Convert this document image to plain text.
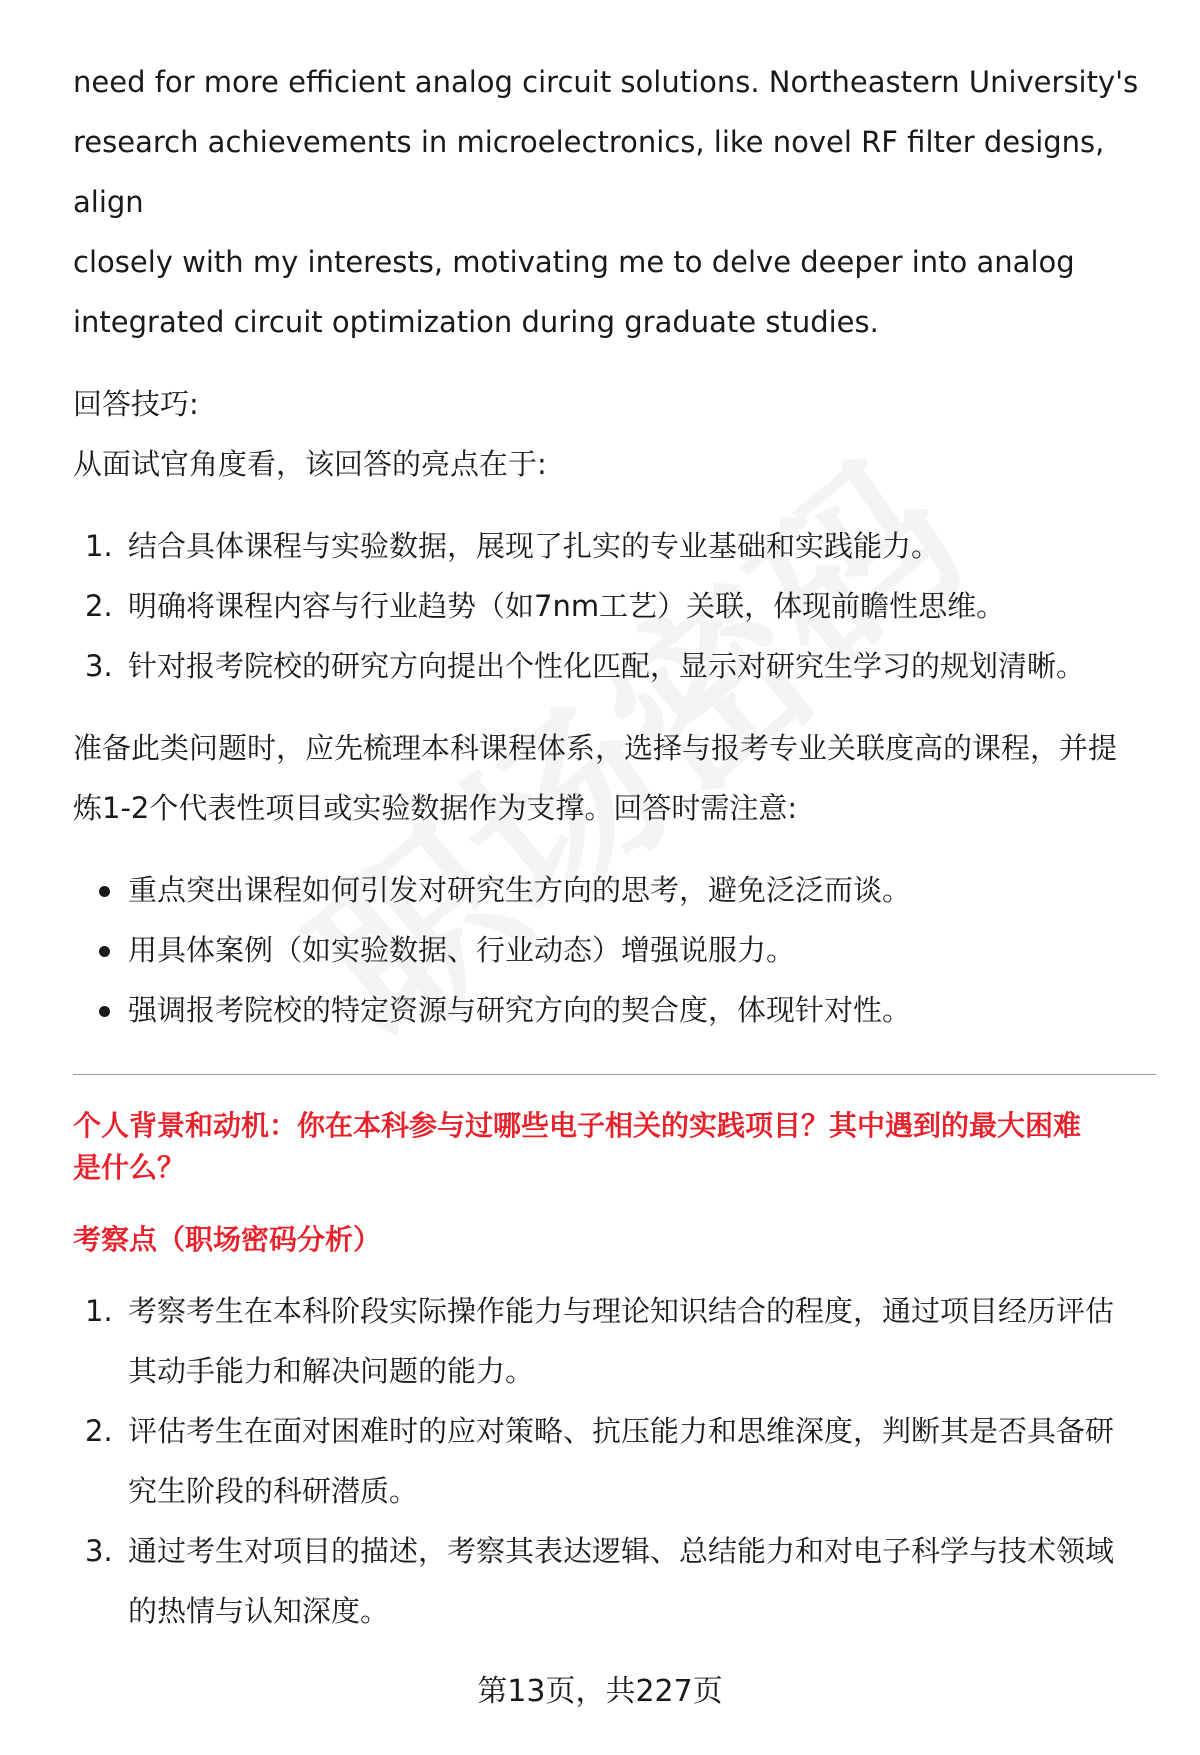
need for more efficient analog circuit solutions. Northeastern University's

research achievements in microelectronics, like novel RF filter designs, align

closely with my interests, motivating me to delve deeper into analog

integrated circuit optimization during graduate studies.

回答技巧:

从面试官角度看，该回答的亮点在于:

1. 结合具体课程与实验数据，展现了扎实的专业基础和实践能力。
2. 明确将课程内容与行业趋势（如7nm工艺）关联，体现前瞻性思维。
3. 针对报考院校的研究方向提出个性化匹配，显示对研究生学习的规划清晰。

准备此类问题时，应先梳理本科课程体系，选择与报考专业关联度高的课程，并提

炼1-2个代表性项目或实验数据作为支撑。回答时需注意:

重点突出课程如何引发对研究生方向的思考，避免泛泛而谈。
用具体案例（如实验数据、行业动态）增强说服力。
强调报考院校的特定资源与研究方向的契合度，体现针对性。

个人背景和动机：你在本科参与过哪些电子相关的实践项目？其中遇到的最大困难

是什么？

考察点（职场密码分析）

1. 考察考生在本科阶段实际操作能力与理论知识结合的程度，通过项目经历评估
其动手能力和解决问题的能力。
2. 评估考生在面对困难时的应对策略、抗压能力和思维深度，判断其是否具备研
究生阶段的科研潜质。
3. 通过考生对项目的描述，考察其表达逻辑、总结能力和对电子科学与技术领域
的热情与认知深度。
第13页，共227页
